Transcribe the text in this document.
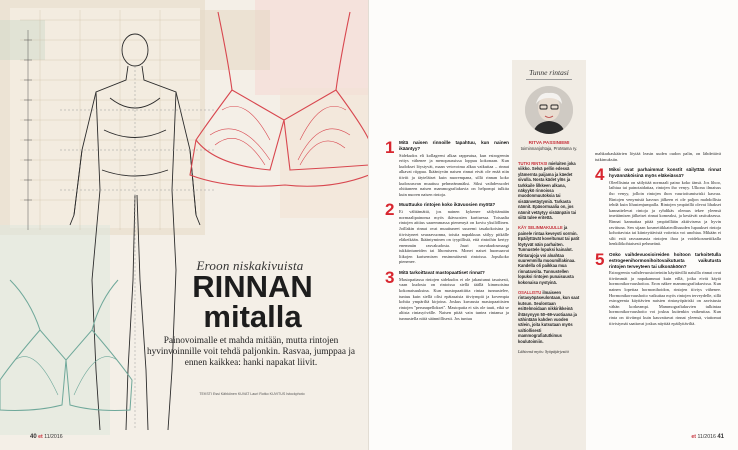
Eroon niskakivuista
RINNAN
mitalla
Painovoimalle et mahda mitään, mutta rintojen hyvinvoinnille voit tehdä paljonkin. Rasvaa, jumppaa ja ennen kaikkea: hanki napakat liivit.
TEKSTI Essi Kähkönen KUVAT Lauri Rotko KUVITUS Istockphoto
40 et 11/2016
1 Mitä naisen rinnoille tapahtuu, kun nainen ikääntyy?
Sidekudos eli kollageeni alkaa rappeutua, kun estrogeenin eritys vähenee ja menopaussissa loppuu kokonaan. Kun kudokset löystyvät, maan vetovoima alkaa vaikuttaa – rinnat alkavat riippua. Ikääntyvän naisen rinnat eivät ole enää niin tiiviit ja täyteläiset kuin nuorempana, sillä rinnan koko kudosrasvan muuttuu pehmeämmäksi. Siksi vaihdevuodet ohittaneen naisen mammografiakuvia on helpompi tulkita kuin nuoren naisen rintoja.
2 Muuttuuko rintojen koko ikävuosien myötä?
Ei välttämättä, jos nainen kykenee säilyttämään normaalipainonsa myös ikävuosien karttuessa. Toisaalta rintojen aittius saaremmassa pienenryä on koviu yksilöllinen. Joillakin rinnat ovat muuttuneet suuremi tasakokoisina ja tiivistyneet seuraavuonna, toistia napakkuus säilyy pitkälle eläkeikään. Ikääntyminen on tyypillistä, että rintoihin kertyy enemmän rasvakudosta. Jauri rasvakudosmaagi tukkiintuneiden tai lihomiseen. Monet naiset huomaavat liikojen karisemisen ensimmäisenä rintoissa. Jopsikoko pienenee.
3 Mitä tarkoittavat mastopaattiset rinnat?
Mastopatiassa rintojen sidekudos ei ole jakautunut tasaisesti, vaan kudosta on rintoissa siellä täällä kimmoisina kokonaisuuksina. Kun mastopaattiitta rintaa tunnustelee, tuntuu kuin siellä olisi epätasaisia tiiviympiä ja kovempia kohtia ympäriltä kirjoina. Joskus kuvausta mastopaattisten rintojen "perunapellokset". Mastopatia ei siis ole tauti, eikä se altista rintasyövälle. Naisen pitää vain tuntea rintansa ja tunnustella niitä säännöllisesti. Jos tuntuu
Tunne rintasi
RITVA PASSINIEMI
toiminnanjohtaja, ProMama ry.

TUTKI RINTASI mieluiten joka viikko. Selvä pellin edessä ylämernta paijama ja käedet sivulla. Nosta kädet ylös ja tarkkaile lilkkeen alkana, näkyykö rinnoissa muodonmuutoksia tai sisäänvetäytymiä. Tarkasta nännit. Epäsormaalia on, jos nännit vetäytyy sisäänpäin tai siitä tulee eritettä.

KÄY SELINMAKUULLE ja painele rintaa keveysti sormin. Epäilyttävät koveltumat tai patit löytyvät näin parhaiten. Tunnustele lopuksi kainalot. Rintarajoja voi aloahtaa suuremmilla muoumillakinaa. Kandella oli paikkaa mua rinnatavoita. Tunnustellen lopuksi rintojen punaisuusta kokonaisa nystyinä.

OSALLISTU ilmaiseen rintasyöpäseulontaan, kun saat kutsun. Seulontaan esittelmoidaan nikkirikkeinä ihtäsynyyn 50–69-vuotiaana ja vähintään kahden vuoden välein, joita kutsutaan myös valtiollisesti mammografiatutkimus koulutoimiin.

Lähteenä myös: Syöpäjärjestöt

mahkarkaskäärien löytää leasin uuden oudon palin, on lähdettävä tutkimuksiin.
4 Miksi ovat parhaimmat konstit säilyttää rinnat hyvännäköisinä myös eläkeiässä?
Oleellisinta on säilyttää normaali paino koko iänsä. Jos lihoo, laihtua tai painotaidattaa, rintojen iho venyy. Ulkona ilmaisus iho venyy, jolloin rintojen ihon vaurioitumisriski kasvaa. Rintojen venymistä kasvun jälkeen ei ole paljon mahdollista tehdä kuin lihastenjumpalla. Rintojen ympärillä olevat lihakset kannattelevat rintoja ja ryhdikäs olemus tekee yleensä imettämisen jälkeiset rinnat komeaksi, ja kestävät rasituksessa. Rinnat kannattaa pitää ympärillään aktiivisena ja hyvin ravittuna. Sen sijaan kosmetiikkateollisuuden lupaukset rintoja kohottavista tai kiinteyttävistä voiteista voi unohtaa. Mikään ei silti estä rasvaamasta rintojen ihoa ja voidekosmetiikalla henkilökohtaisesti pehmeänä.
5 Onko vaihdevuosioireiden hoitoon tarkoitetulla estrogeenihormonihoitovaikutusta vaikutusta rintojen terveyteen tai ulkonäköön?
Estrogeenia vaihdevuosioireiniin käyttävillä naisilla rinnat ovat tiiviimmät ja napakammat kuin eillä, jotka eivät käytä hormonikorvaushoitoa. Eron näkee mammografiakuvissa. Kun nainen lopettaa hormonihoidon, rintojen tiiviys vähenee. Hormonikorvaushoito vaikuttaa myös rintojen terveydelle, sillä estrogeenia käyttävien naisten rintasyöpäriski on aavistusta vähän korkeampi. Mammografiakuvien tulkintaa hormonikorvaushoito voi joskus kuitenkin vaikeuttaa. Kun rinta on tiiviimpi kuin kauvattavat rinnat yleensä, viattomat tiivistymät saattavat joskus näyttää epäilyttäviltä.
et 11/2016 41
